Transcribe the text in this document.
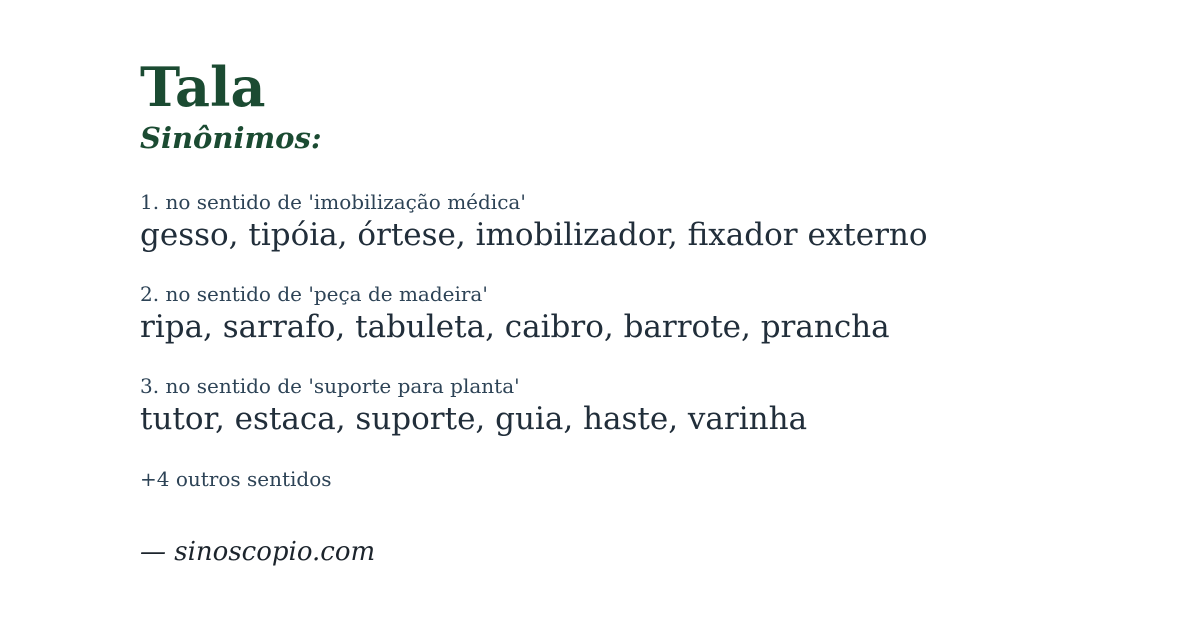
Tala
Sinônimos:
1. no sentido de 'imobilização médica'
gesso, tipóia, órtese, imobilizador, fixador externo
2. no sentido de 'peça de madeira'
ripa, sarrafo, tabuleta, caibro, barrote, prancha
3. no sentido de 'suporte para planta'
tutor, estaca, suporte, guia, haste, varinha
+4 outros sentidos
— sinoscopio.com
